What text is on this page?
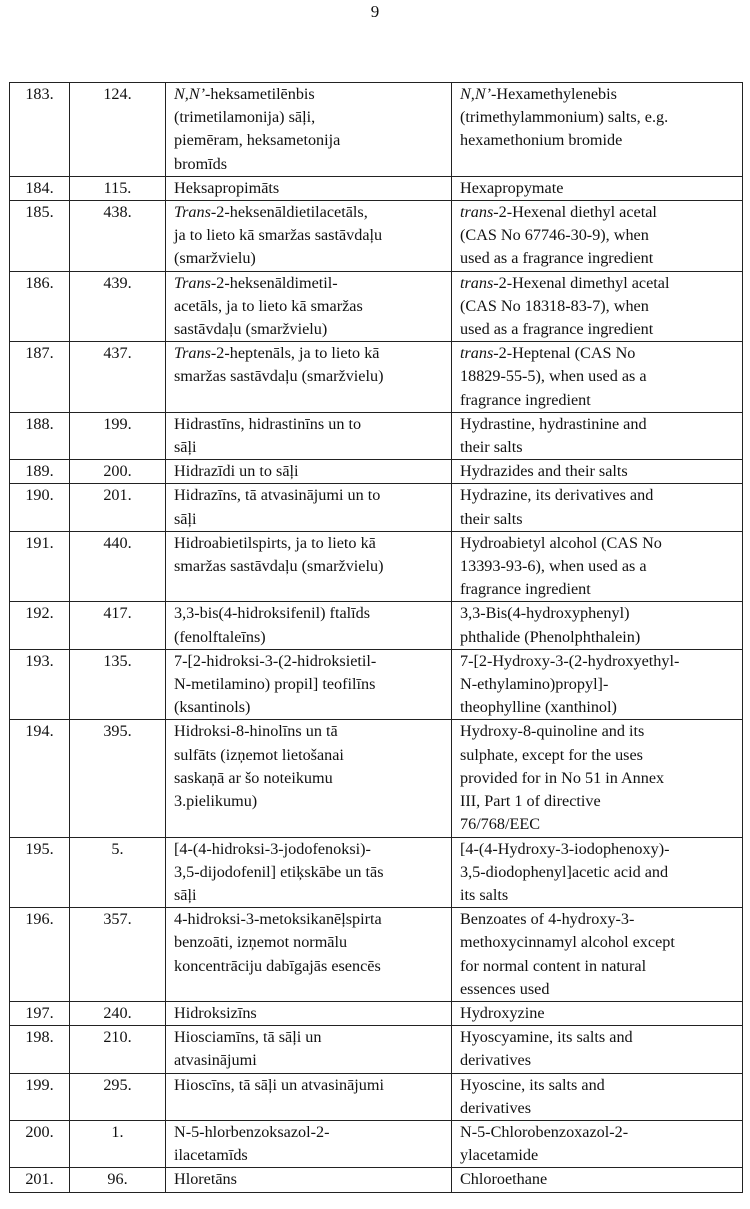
9
183.	124.	N,N’-heksametilēnbis
(trimetilamonija) sāļi,
piemēram, heksametonija
bromīds	N,N’-Hexamethylenebis
(trimethylammonium) salts, e.g.
hexamethonium bromide
184.	115.	Heksapropimāts	Hexapropymate
185.	438.	Trans-2-heksenāldietilacetāls,
ja to lieto kā smaržas sastāvdaļu
(smaržvielu)	trans-2-Hexenal diethyl acetal
(CAS No 67746-30-9), when
used as a fragrance ingredient
186.	439.	Trans-2-heksenāldimetil-
acetāls, ja to lieto kā smaržas
sastāvdaļu (smaržvielu)	trans-2-Hexenal dimethyl acetal
(CAS No 18318-83-7), when
used as a fragrance ingredient
187.	437.	Trans-2-heptenāls, ja to lieto kā
smaržas sastāvdaļu (smaržvielu)	trans-2-Heptenal (CAS No
18829-55-5), when used as a
fragrance ingredient
188.	199.	Hidrastīns, hidrastinīns un to
sāļi	Hydrastine, hydrastinine and
their salts
189.	200.	Hidrazīdi un to sāļi	Hydrazides and their salts
190.	201.	Hidrazīns, tā atvasinājumi un to
sāļi	Hydrazine, its derivatives and
their salts
191.	440.	Hidroabietilspirts, ja to lieto kā
smaržas sastāvdaļu (smaržvielu)	Hydroabietyl alcohol (CAS No
13393-93-6), when used as a
fragrance ingredient
192.	417.	3,3-bis(4-hidroksifenil) ftalīds
(fenolftaleīns)	3,3-Bis(4-hydroxyphenyl)
phthalide (Phenolphthalein)
193.	135.	7-[2-hidroksi-3-(2-hidroksietil-
N-metilamino) propil] teofilīns
(ksantinols)	7-[2-Hydroxy-3-(2-hydroxyethyl-
N-ethylamino)propyl]-
theophylline (xanthinol)
194.	395.	Hidroksi-8-hinolīns un tā
sulfāts (izņemot lietošanai
saskaņā ar šo noteikumu
3.pielikumu)	Hydroxy-8-quinoline and its
sulphate, except for the uses
provided for in No 51 in Annex
III, Part 1 of directive
76/768/EEC
195.	5.	[4-(4-hidroksi-3-jodofenoksi)-
3,5-dijodofenil] etiķskābe un tās
sāļi	[4-(4-Hydroxy-3-iodophenoxy)-
3,5-diodophenyl]acetic acid and
its salts
196.	357.	4-hidroksi-3-metoksikanēļspirta
benzoāti, izņemot normālu
koncentrāciju dabīgajās esencēs	Benzoates of 4-hydroxy-3-
methoxycinnamyl alcohol except
for normal content in natural
essences used
197.	240.	Hidroksizīns	Hydroxyzine
198.	210.	Hiosciamīns, tā sāļi un
atvasinājumi	Hyoscyamine, its salts and
derivatives
199.	295.	Hioscīns, tā sāļi un atvasinājumi	Hyoscine, its salts and
derivatives
200.	1.	N-5-hlorbenzoksazol-2-
ilacetamīds	N-5-Chlorobenzoxazol-2-
ylacetamide
201.	96.	Hloretāns	Chloroethane
